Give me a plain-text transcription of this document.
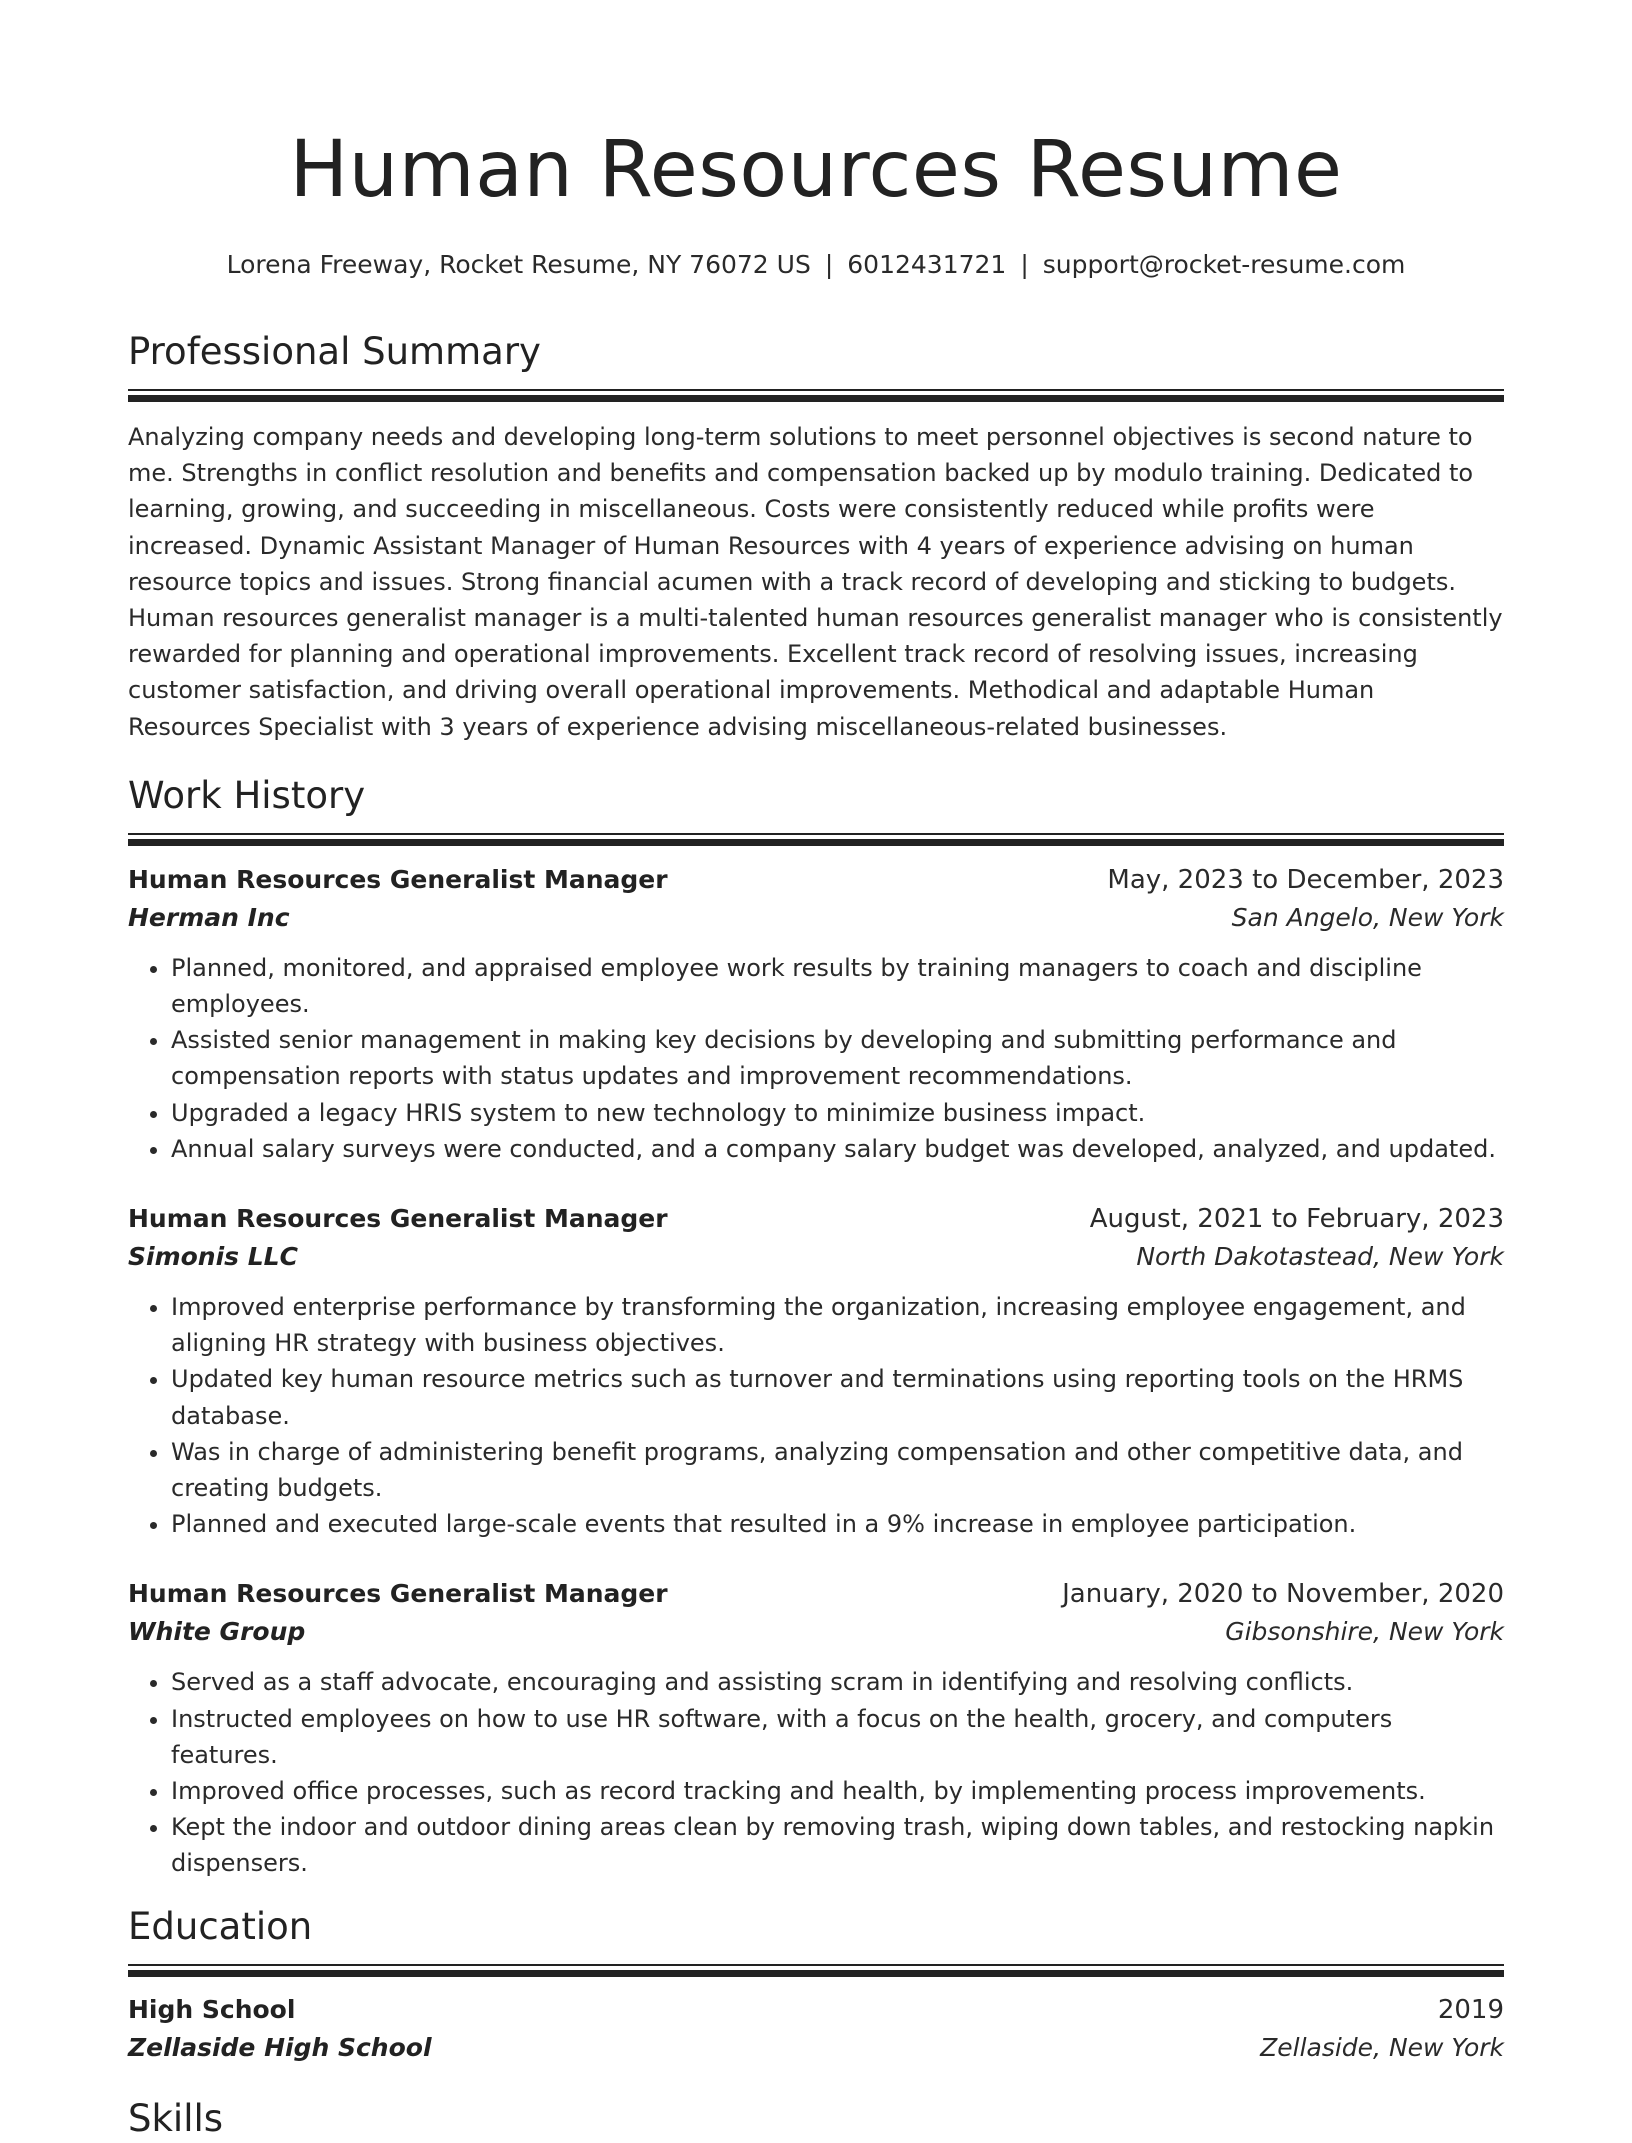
Human Resources Resume
Lorena Freeway, Rocket Resume, NY 76072 US | 6012431721 | support@rocket-resume.com
Professional Summary

Analyzing company needs and developing long-term solutions to meet personnel objectives is second nature to me. Strengths in conflict resolution and benefits and compensation backed up by modulo training. Dedicated to learning, growing, and succeeding in miscellaneous. Costs were consistently reduced while profits were increased. Dynamic Assistant Manager of Human Resources with 4 years of experience advising on human resource topics and issues. Strong financial acumen with a track record of developing and sticking to budgets. Human resources generalist manager is a multi-talented human resources generalist manager who is consistently rewarded for planning and operational improvements. Excellent track record of resolving issues, increasing customer satisfaction, and driving overall operational improvements. Methodical and adaptable Human Resources Specialist with 3 years of experience advising miscellaneous-related businesses.

Work History
Human Resources Generalist Manager	May, 2023 to December, 2023
Herman Inc	San Angelo, New York
• Planned, monitored, and appraised employee work results by training managers to coach and discipline employees.
• Assisted senior management in making key decisions by developing and submitting performance and compensation reports with status updates and improvement recommendations.
• Upgraded a legacy HRIS system to new technology to minimize business impact.
• Annual salary surveys were conducted, and a company salary budget was developed, analyzed, and updated.
Human Resources Generalist Manager	August, 2021 to February, 2023
Simonis LLC	North Dakotastead, New York
• Improved enterprise performance by transforming the organization, increasing employee engagement, and aligning HR strategy with business objectives.
• Updated key human resource metrics such as turnover and terminations using reporting tools on the HRMS database.
• Was in charge of administering benefit programs, analyzing compensation and other competitive data, and creating budgets.
• Planned and executed large-scale events that resulted in a 9% increase in employee participation.
Human Resources Generalist Manager	January, 2020 to November, 2020
White Group	Gibsonshire, New York
• Served as a staff advocate, encouraging and assisting scram in identifying and resolving conflicts.
• Instructed employees on how to use HR software, with a focus on the health, grocery, and computers features.
• Improved office processes, such as record tracking and health, by implementing process improvements.
• Kept the indoor and outdoor dining areas clean by removing trash, wiping down tables, and restocking napkin dispensers.
Education
High School	2019
Zellaside High School	Zellaside, New York
Skills
